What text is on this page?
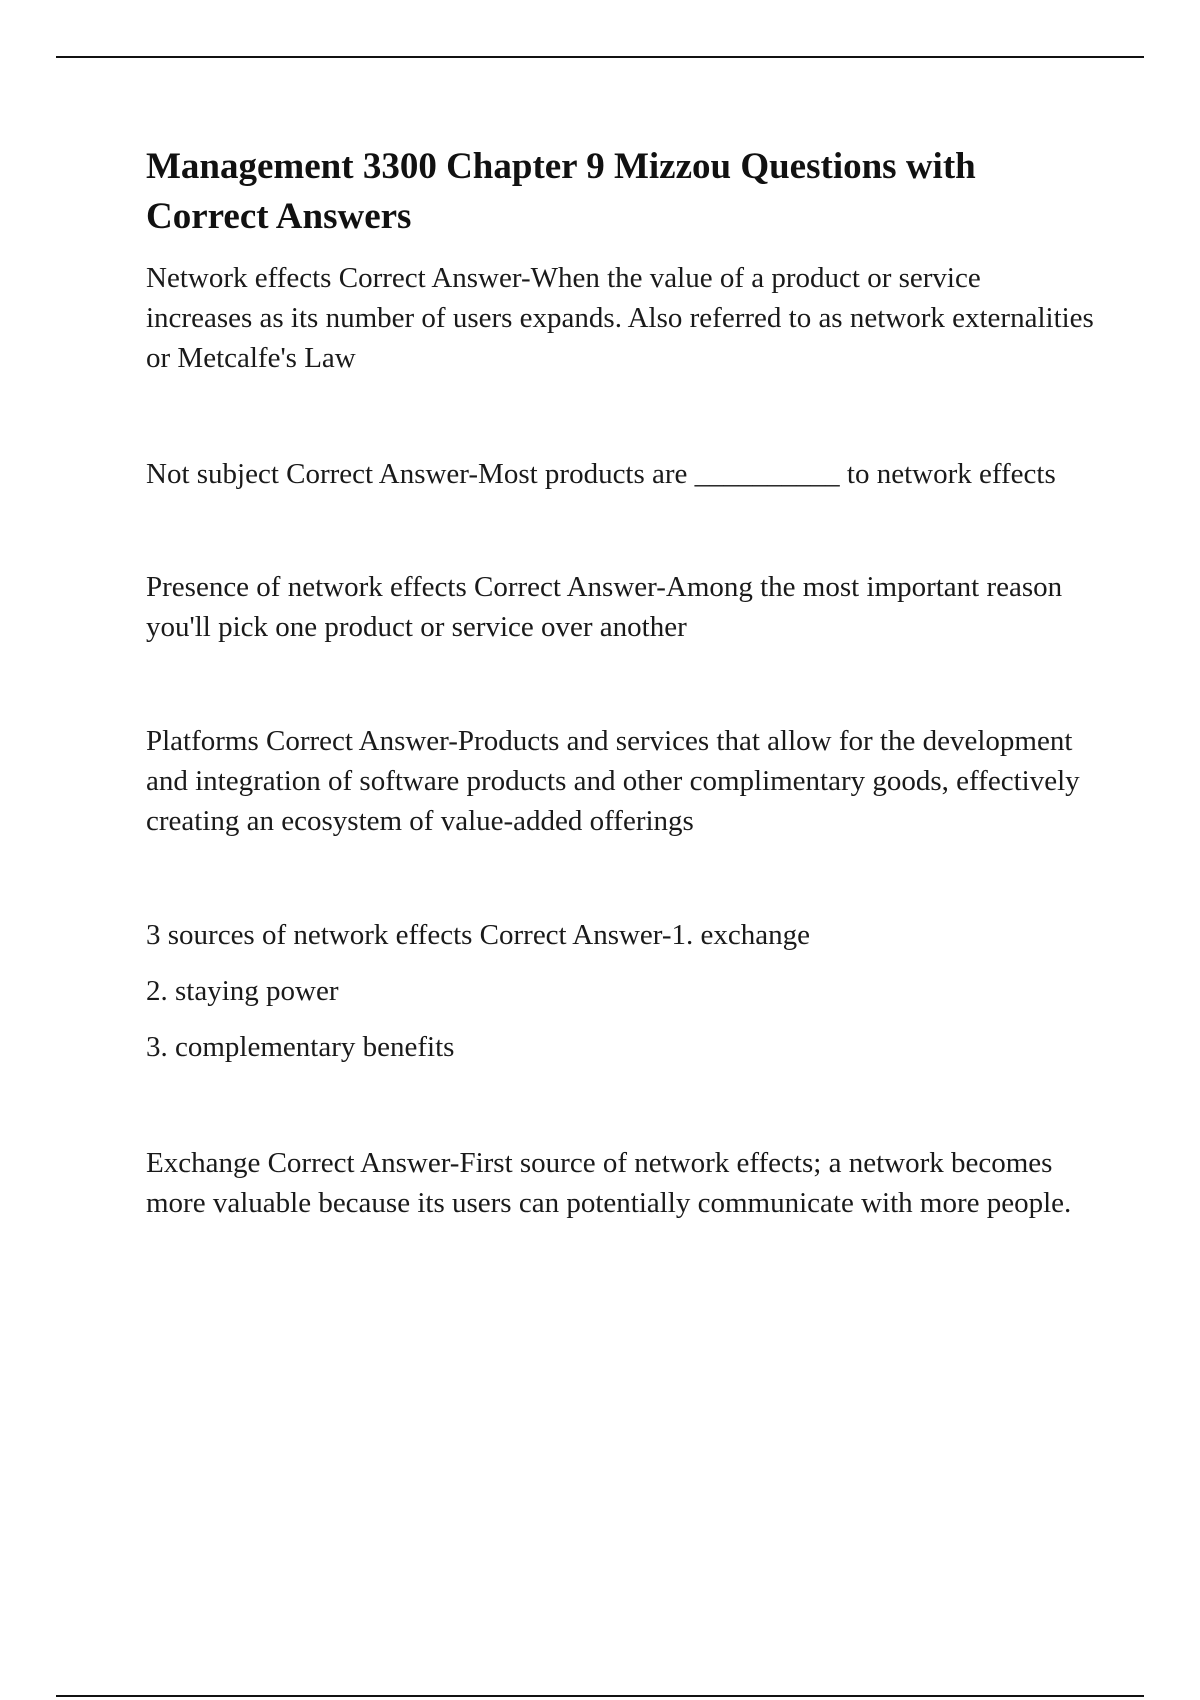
Management 3300 Chapter 9 Mizzou Questions with Correct Answers

Network effects Correct Answer-When the value of a product or service increases as its number of users expands. Also referred to as network externalities or Metcalfe's Law

Not subject Correct Answer-Most products are __________ to network effects

Presence of network effects Correct Answer-Among the most important reason you'll pick one product or service over another

Platforms Correct Answer-Products and services that allow for the development and integration of software products and other complimentary goods, effectively creating an ecosystem of value-added offerings

3 sources of network effects Correct Answer-1. exchange

2. staying power

3. complementary benefits

Exchange Correct Answer-First source of network effects; a network becomes more valuable because its users can potentially communicate with more people.
